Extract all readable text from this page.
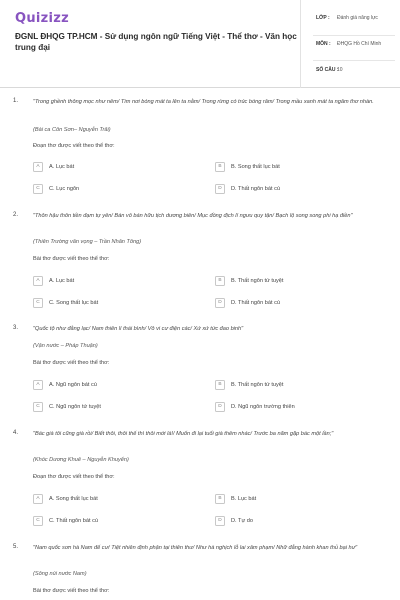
Quizizz
ĐGNL ĐHQG TP.HCM - Sử dụng ngôn ngữ Tiếng Việt - Thể thơ - Văn học trung đại
LỚP : Đánh giá năng lực
MÔN : ĐHQG Hồ Chí Minh
SỐ CÂU :
10
1.	"Trong ghềnh thông mọc như nêm/ Tìm nơi bóng mát ta lên ta nằm/ Trong rừng có trúc bóng râm/ Trong mầu xanh mát ta ngâm thơ nhàn.
(Bài ca Côn Sơn– Nguyễn Trãi)
Đoạn thơ được viết theo thể thơ:
A	A. Lục bát	B	B. Song thất lục bát
C	C. Lục ngôn	D	D. Thất ngôn bát cú
2.	"Thôn hậu thôn tiền đạm tự yên/ Bán vô bán hữu tịch dương biên/ Mục đồng địch lí ngưu quy tận/ Bạch lộ song song phi hạ điền"
(Thiên Trường vãn vọng – Trần Nhân Tông)
Bài thơ được viết theo thể thơ:
A	A. Lục bát	B	B. Thất ngôn tứ tuyệt
C	C. Song thất lục bát	D	D. Thất ngôn bát cú
3.	"Quốc tộ như đằng lạc/ Nam thiên lí thái bình/ Vô vi cư điện các/ Xứ xứ tức đao binh"
(Vận nước – Pháp Thuận)
Bài thơ được viết theo thể thơ:
A	A. Ngũ ngôn bát cú	B	B. Thất ngôn tứ tuyệt
C	C. Ngũ ngôn tứ tuyệt	D	D. Ngũ ngôn trường thiên
4.	"Bác già tôi cũng già rồi/ Biết thôi, thôi thế thì thôi mới là!/ Muốn đi lại tuổi già thêm nhác/ Trước ba năm gặp bác một lần;"
(Khóc Dương Khuê – Nguyễn Khuyến)
Đoạn thơ được viết theo thể thơ:
A	A. Song thất lục bát	B	B. Lục bát
C	C. Thất ngôn bát cú	D	D. Tự do
5.	"Nam quốc sơn hà Nam đế cư/ Tiệt nhiên định phận tại thiên thư/ Như hà nghịch lỗ lai xâm phạm/ Nhữ đẳng hành khan thủ bại hư"
(Sông núi nước Nam)
Bài thơ được viết theo thể thơ:
